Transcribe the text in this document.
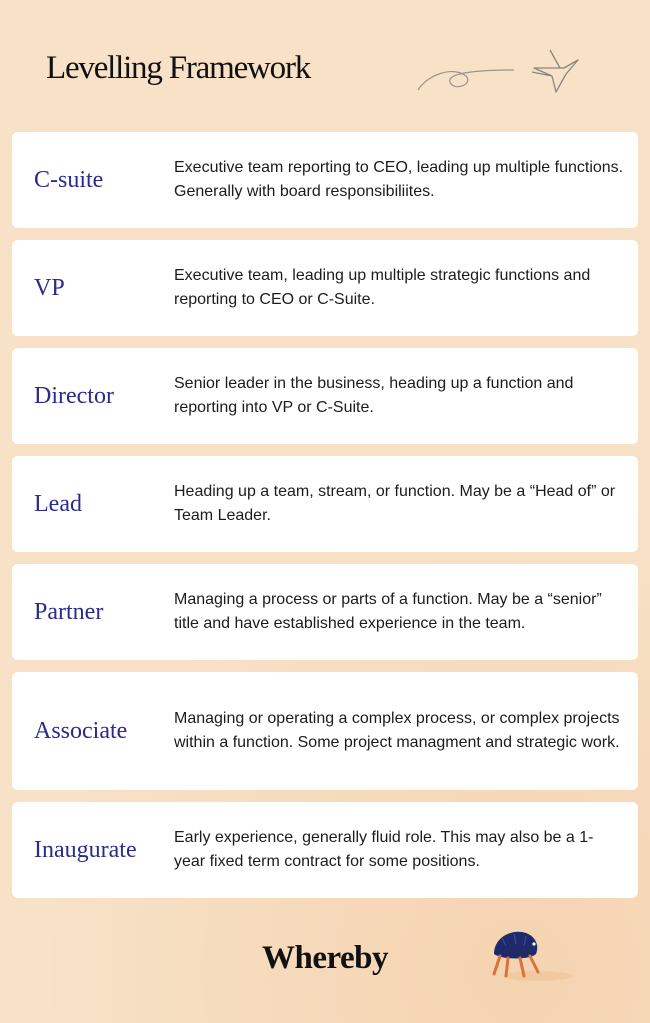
Levelling Framework
C-suite	Executive team reporting to CEO, leading up multiple functions. Generally with board responsibiliites.
VP	Executive team, leading up multiple strategic functions and reporting to CEO or C-Suite.
Director	Senior leader in the business, heading up a function and reporting into VP or C-Suite.
Lead	Heading up a team, stream, or function. May be a “Head of” or Team Leader.
Partner	Managing a process or parts of a function. May be a “senior” title and have established experience in the team.
Associate	Managing or operating a complex process, or complex projects within a function. Some project managment and strategic work.
Inaugurate	Early experience, generally fluid role. This may also be a 1-year fixed term contract for some positions.
Whereby
